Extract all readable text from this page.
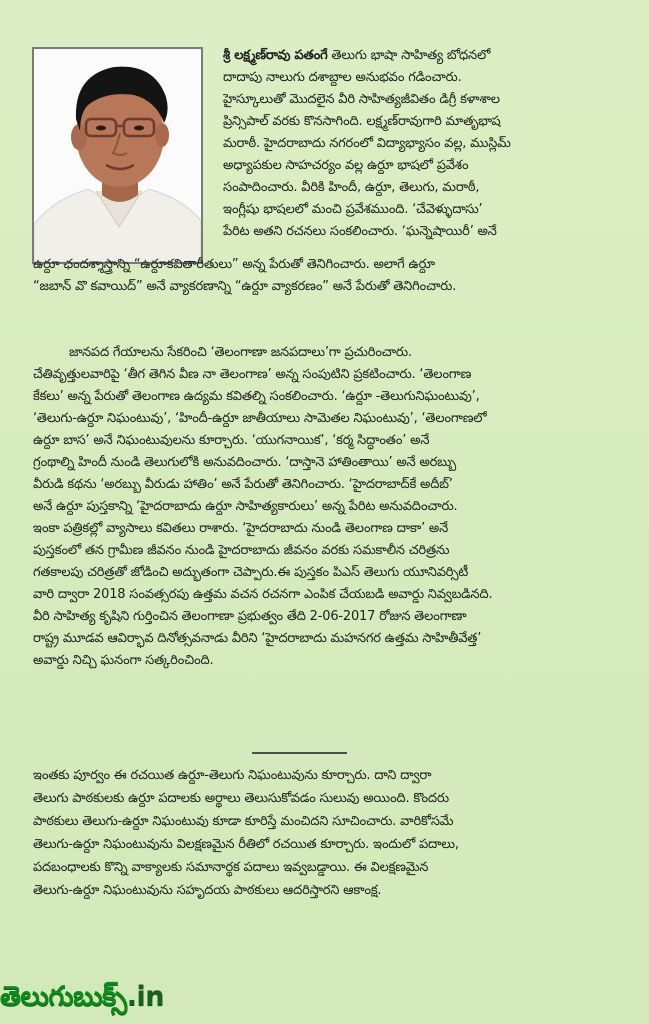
శ్రీ లక్ష్మణ్‌రావు పతంగే తెలుగు భాషా సాహిత్య బోధనలో
దాదాపు నాలుగు దశాబ్దాల అనుభవం గడించారు.
హైస్కూలుతో మొదలైన వీరి సాహిత్యజీవితం డిగ్రీ కళాశాల
ప్రిన్సిపాల్ వరకు కొనసాగింది. లక్ష్మణ్‌రావుగారి మాతృభాష
మరాఠీ. హైదరాబాదు నగరంలో విద్యాభ్యాసం వల్ల, ముస్లిమ్
అధ్యాపకుల సాహచర్యం వల్ల ఉర్దూ భాషలో ప్రవేశం
సంపాదించారు. వీరికి హిందీ, ఉర్దూ, తెలుగు, మరాఠీ,
ఇంగ్లీషు భాషలలో మంచి ప్రవేశముంది. ‘చేవెళ్ళుదాసు’
పేరిట అతని రచనలు సంకలించారు. ‘ఘన్నెషాయిరీ’ అనే
ఉర్దూ ఛందశ్శాస్త్రాన్ని “ఉర్దూకవితారీతులు” అన్న పేరుతో తెనిగించారు. అలాగే ఉర్దూ
“జబాన్ వొ కవాయిద్” అనే వ్యాకరణాన్ని “ఉర్దూ వ్యాకరణం” అనే పేరుతో తెనిగించారు.
జానపద గేయాలను సేకరించి ‘తెలంగాణా జనపదాలు’గా ప్రచురించారు.
చేతివృత్తులవారిపై ‘తీగ తెగిన వీణ నా తెలంగాణ’ అన్న సంపుటిని ప్రకటించారు. ‘తెలంగాణ
కేకలు’ అన్న పేరుతో తెలంగాణ ఉద్యమ కవితల్ని సంకలించారు. ‘ఉర్దూ -తెలుగునిఘంటువు’,
‘తెలుగు-ఉర్దూ నిఘంటువు’, ‘హిందీ-ఉర్దూ జాతీయాలు సామెతల నిఘంటువు’, ‘తెలంగాణలో
ఉర్దూ బాస’ అనే నిఘంటువులను కూర్చారు. ‘యుగనాయిక’, ‘కర్మ సిద్ధాంతం’ అనే
గ్రంథాల్ని హిందీ నుండి తెలుగులోకి అనువదించారు. ‘దాస్తానె హాతింతాయి’ అనే అరబ్బు
వీరుడి కథను ‘అరబ్బు వీరుడు హాతిం’ అనే పేరుతో తెనిగించారు. ‘హైదరాబాద్‌కే అదీబ్’
అనే ఉర్దూ పుస్తకాన్ని ‘హైదరాబాదు ఉర్దూ సాహిత్యకారులు’ అన్న పేరిట అనువదించారు.
ఇంకా పత్రికల్లో వ్యాసాలు కవితలు రాశారు. ‘హైదరాబాదు నుండి తెలంగాణ దాకా’ అనే
పుస్తకంలో తన గ్రామీణ జీవనం నుండి హైదరాబాదు జీవనం వరకు సమకాలీన చరిత్రను
గతకాలపు చరిత్రతో జోడించి అద్భుతంగా చెప్పారు.ఈ పుస్తకం పిఎస్ తెలుగు యూనివర్సిటీ
వారి ద్వారా 2018 సంవత్సరపు ఉత్తమ వచన రచనగా ఎంపిక చేయబడి అవార్డు నివ్వబడినది.
వీరి సాహిత్య కృషిని గుర్తించిన తెలంగాణా ప్రభుత్వం తేది 2-06-2017 రోజున తెలంగాణా
రాష్ట్ర మూడవ ఆవిర్భావ దినోత్సవనాడు వీరిని ‘హైదరాబాదు మహనగర ఉత్తమ సాహితీవేత్త’
అవార్డు నిచ్చి ఘనంగా సత్కరించింది.
ఇంతకు పూర్వం ఈ రచయిత ఉర్దూ-తెలుగు నిఘంటువును కూర్చారు. దాని ద్వారా
తెలుగు పాఠకులకు ఉర్దూ పదాలకు అర్థాలు తెలుసుకోవడం సులువు అయింది. కొందరు
పాఠకులు తెలుగు-ఉర్దూ నిఘంటువు కూడా కూరిస్తే మంచిదని సూచించారు. వారికోసమే
తెలుగు-ఉర్దూ నిఘంటువును విలక్షణమైన రీతిలో రచయిత కూర్చారు. ఇందులో పదాలు,
పదబంధాలకు కొన్ని వాక్యాలకు సమానార్థక పదాలు ఇవ్వబడ్డాయి. ఈ విలక్షణమైన
తెలుగు-ఉర్దూ నిఘంటువును సహృదయ పాఠకులు ఆదరిస్తారని ఆకాంక్ష.
తెలుగుబుక్స్.in
